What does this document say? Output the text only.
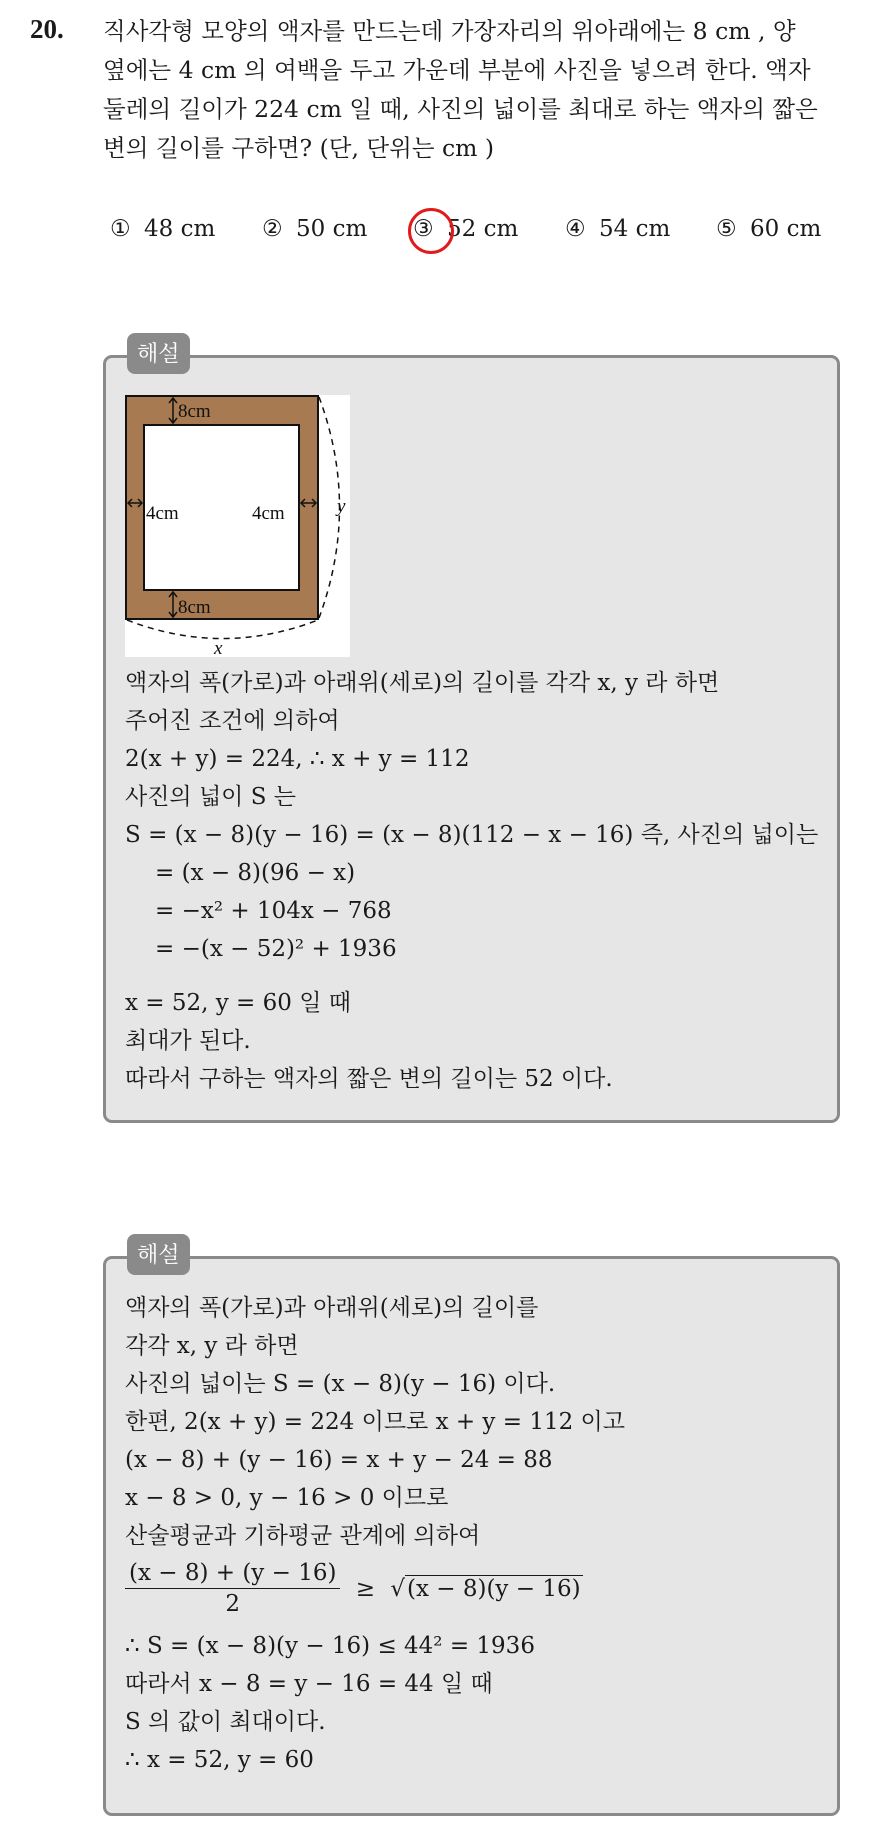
20. 직사각형 모양의 액자를 만드는데 가장자리의 위아래에는 8 cm , 양
옆에는 4 cm 의 여백을 두고 가운데 부분에 사진을 넣으려 한다. 액자
둘레의 길이가 224 cm 일 때, 사진의 넓이를 최대로 하는 액자의 짧은
변의 길이를 구하면? (단, 단위는 cm )
① 48 cm ② 50 cm ③ 52 cm ④ 54 cm ⑤ 60 cm
해설
8cm
8cm
4cm	4cm	y
x
액자의 폭(가로)과 아래위(세로)의 길이를 각각 x, y 라 하면
주어진 조건에 의하여
2(x + y) = 224, ∴ x + y = 112
사진의 넓이 S 는
S = (x − 8)(y − 16) = (x − 8)(112 − x − 16) 즉, 사진의 넓이는
= (x − 8)(96 − x)
= −x² + 104x − 768
= −(x − 52)² + 1936
x = 52, y = 60 일 때
최대가 된다.
따라서 구하는 액자의 짧은 변의 길이는 52 이다.
해설
액자의 폭(가로)과 아래위(세로)의 길이를
각각 x, y 라 하면
사진의 넓이는 S = (x − 8)(y − 16) 이다.
한편, 2(x + y) = 224 이므로 x + y = 112 이고
(x − 8) + (y − 16) = x + y − 24 = 88
x − 8 > 0, y − 16 > 0 이므로
산술평균과 기하평균 관계에 의하여
$\frac{(x - 8) + (y - 16)}{2} \ge √(x - 8)(y - 16)$
∴ S = (x − 8)(y − 16) ≤ 44² = 1936
따라서 x − 8 = y − 16 = 44 일 때
S 의 값이 최대이다.
∴ x = 52, y = 60
